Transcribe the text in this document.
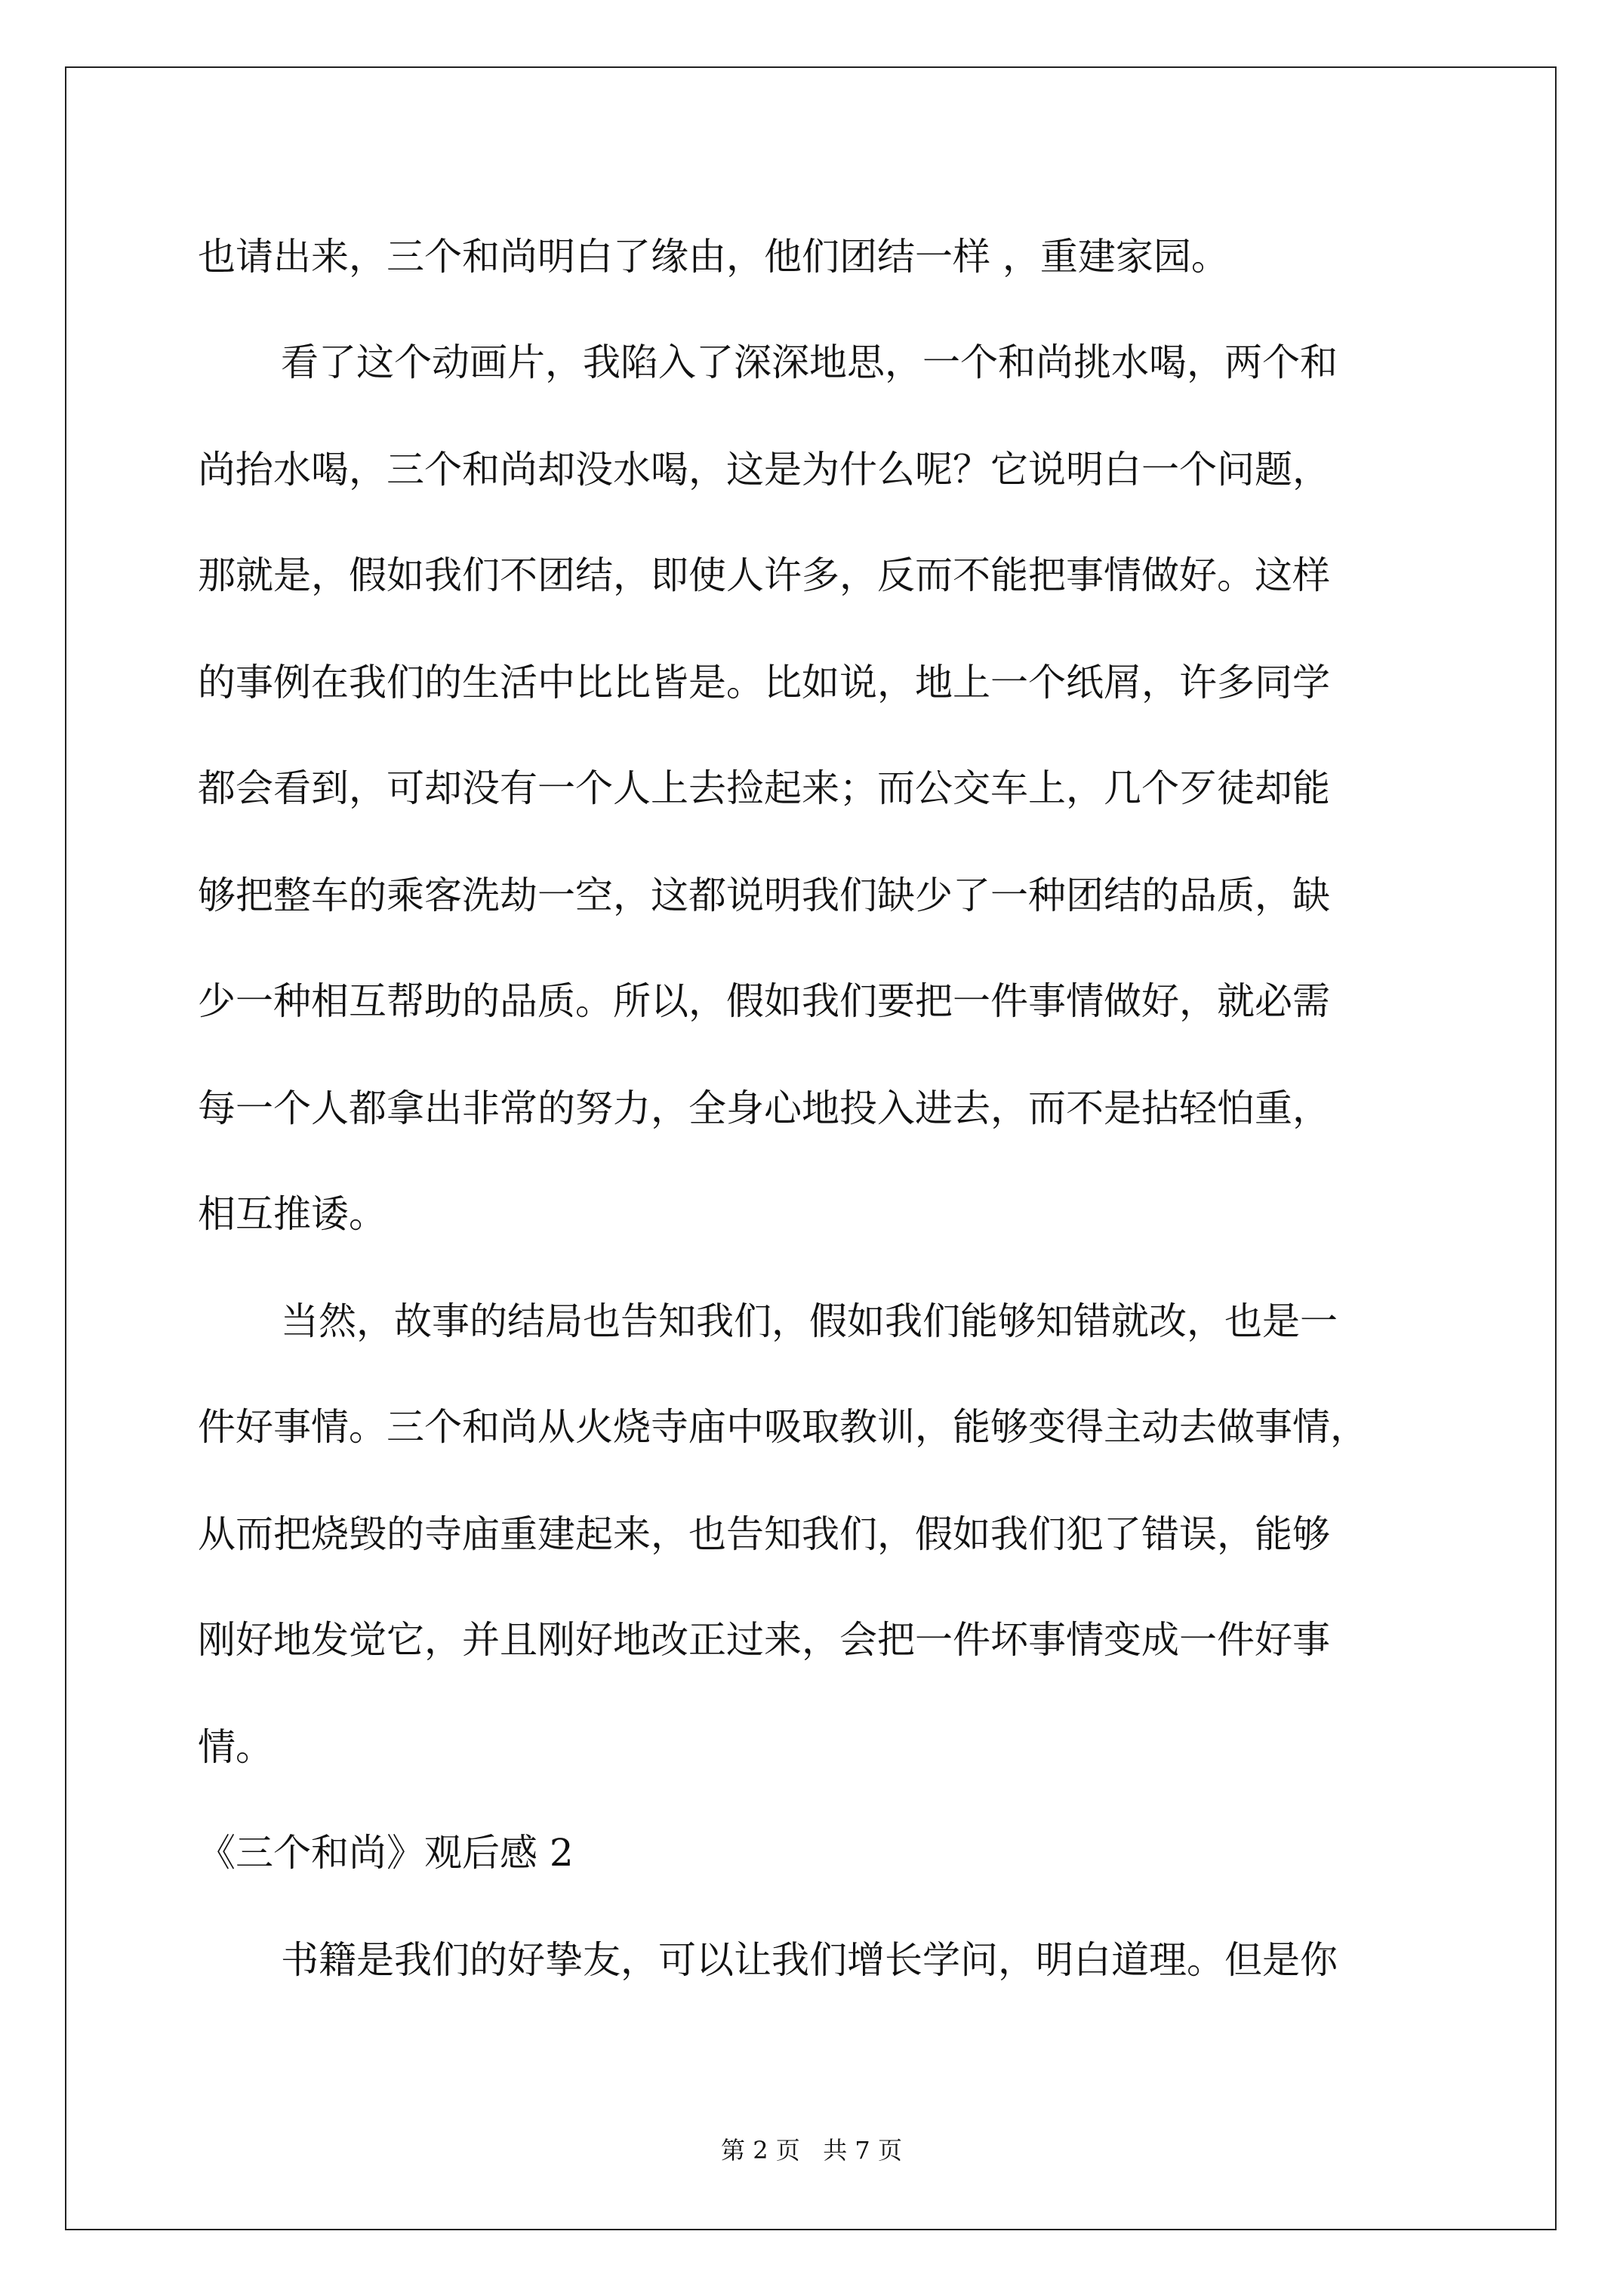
也请出来，三个和尚明白了缘由，他们团结一样 ，重建家园。
看了这个动画片，我陷入了深深地思，一个和尚挑水喝，两个和
尚抬水喝，三个和尚却没水喝，这是为什么呢？它说明白一个问题，
那就是，假如我们不团结，即使人许多，反而不能把事情做好。这样
的事例在我们的生活中比比皆是。比如说，地上一个纸屑，许多同学
都会看到，可却没有一个人上去捡起来；而公交车上，几个歹徒却能
够把整车的乘客洗劫一空，这都说明我们缺少了一种团结的品质，缺
少一种相互帮助的品质。所以，假如我们要把一件事情做好，就必需
每一个人都拿出非常的努力，全身心地投入进去，而不是拈轻怕重，
相互推诿。
当然，故事的结局也告知我们，假如我们能够知错就改，也是一
件好事情。三个和尚从火烧寺庙中吸取教训，能够变得主动去做事情，
从而把烧毁的寺庙重建起来，也告知我们，假如我们犯了错误，能够
刚好地发觉它，并且刚好地改正过来，会把一件坏事情变成一件好事
情。
《三个和尚》观后感 2
书籍是我们的好挚友，可以让我们增长学问，明白道理。但是你
第 2 页   共 7 页
